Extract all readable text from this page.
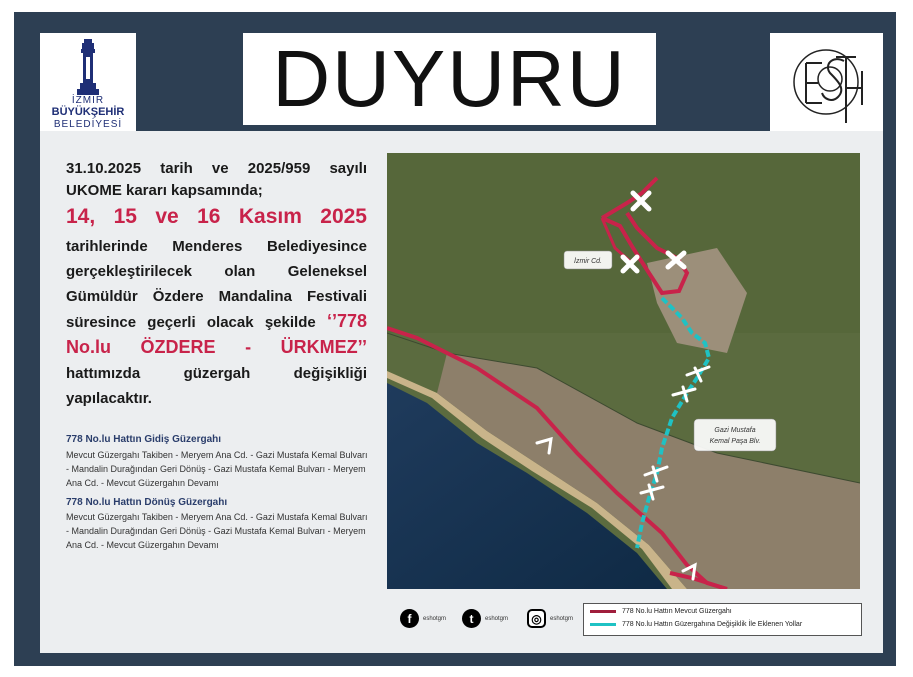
İZMİR
BÜYÜKŞEHİR
BELEDİYESİ
DUYURU

31.10.2025 tarih ve 2025/959 sayılı

UKOME kararı kapsamında;

14, 15 ve 16 Kasım 2025

tarihlerinde Menderes Belediyesince gerçekleştirilecek olan Geleneksel Gümüldür Özdere Mandalina Festivali süresince geçerli olacak şekilde ‘’778 No.lu ÖZDERE - ÜRKMEZ’’ hattımızda güzergah değişikliği yapılacaktır.

778 No.lu Hattın Gidiş Güzergahı
Mevcut Güzergahı Takiben - Meryem Ana Cd. - Gazi Mustafa Kemal Bulvarı - Mandalin Durağından Geri Dönüş - Gazi Mustafa Kemal Bulvarı - Meryem Ana Cd. - Mevcut Güzergahın Devamı
778 No.lu Hattın Dönüş Güzergahı
Mevcut Güzergahı Takiben - Meryem Ana Cd. - Gazi Mustafa Kemal Bulvarı - Mandalin Durağından Geri Dönüş - Gazi Mustafa Kemal Bulvarı - Meryem Ana Cd. - Mevcut Güzergahın Devamı
İzmir Cd.
Gazi Mustafa
Kemal Paşa Blv.
f	eshotgm	t	eshotgm	◎	eshotgm
778 No.lu Hattın Mevcut Güzergahı
778 No.lu Hattın Güzergahına Değişiklik İle Eklenen Yollar
